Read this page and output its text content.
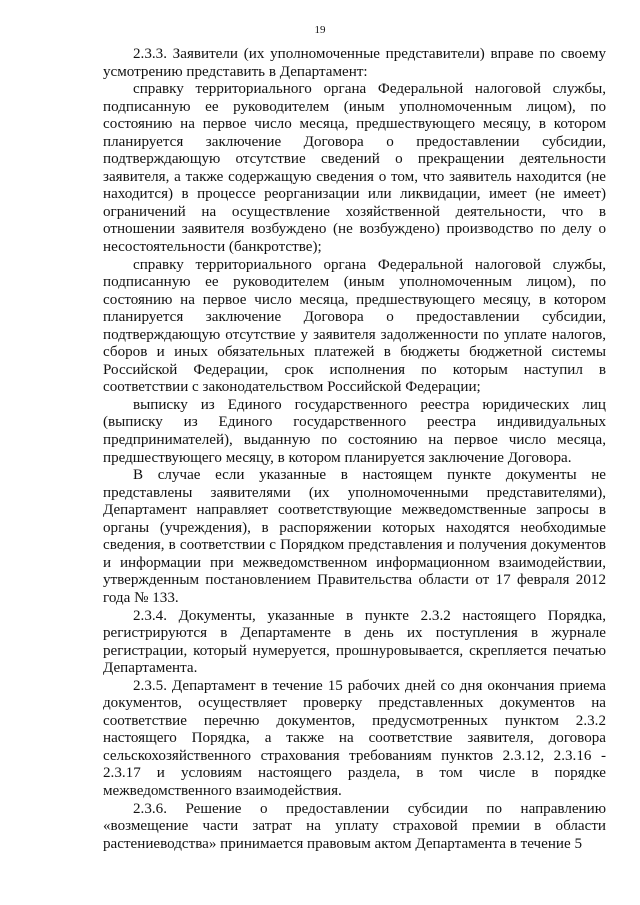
19

2.3.3. Заявители (их уполномоченные представители) вправе по своему усмотрению представить в Департамент:

справку территориального органа Федеральной налоговой службы, подписанную ее руководителем (иным уполномоченным лицом), по состоянию на первое число месяца, предшествующего месяцу, в котором планируется заключение Договора о предоставлении субсидии, подтверждающую отсутствие сведений о прекращении деятельности заявителя, а также содержащую сведения о том, что заявитель находится (не находится) в процессе реорганизации или ликвидации, имеет (не имеет) ограничений на осуществление хозяйственной деятельности, что в отношении заявителя возбуждено (не возбуждено) производство по делу о несостоятельности (банкротстве);

справку территориального органа Федеральной налоговой службы, подписанную ее руководителем (иным уполномоченным лицом), по состоянию на первое число месяца, предшествующего месяцу, в котором планируется заключение Договора о предоставлении субсидии, подтверждающую отсутствие у заявителя задолженности по уплате налогов, сборов и иных обязательных платежей в бюджеты бюджетной системы Российской Федерации, срок исполнения по которым наступил в соответствии с законодательством Российской Федерации;

выписку из Единого государственного реестра юридических лиц (выписку из Единого государственного реестра индивидуальных предпринимателей), выданную по состоянию на первое число месяца, предшествующего месяцу, в котором планируется заключение Договора.

В случае если указанные в настоящем пункте документы не представлены заявителями (их уполномоченными представителями), Департамент направляет соответствующие межведомственные запросы в органы (учреждения), в распоряжении которых находятся необходимые сведения, в соответствии с Порядком представления и получения документов и информации при межведомственном информационном взаимодействии, утвержденным постановлением Правительства области от 17 февраля 2012 года № 133.

2.3.4. Документы, указанные в пункте 2.3.2 настоящего Порядка, регистрируются в Департаменте в день их поступления в журнале регистрации, который нумеруется, прошнуровывается, скрепляется печатью Департамента.

2.3.5. Департамент в течение 15 рабочих дней со дня окончания приема документов, осуществляет проверку представленных документов на соответствие перечню документов, предусмотренных пунктом 2.3.2 настоящего Порядка, а также на соответствие заявителя, договора сельскохозяйственного страхования требованиям пунктов 2.3.12, 2.3.16 - 2.3.17 и условиям настоящего раздела, в том числе в порядке межведомственного взаимодействия.

2.3.6. Решение о предоставлении субсидии по направлению «возмещение части затрат на уплату страховой премии в области растениеводства» принимается правовым актом Департамента в течение 5
